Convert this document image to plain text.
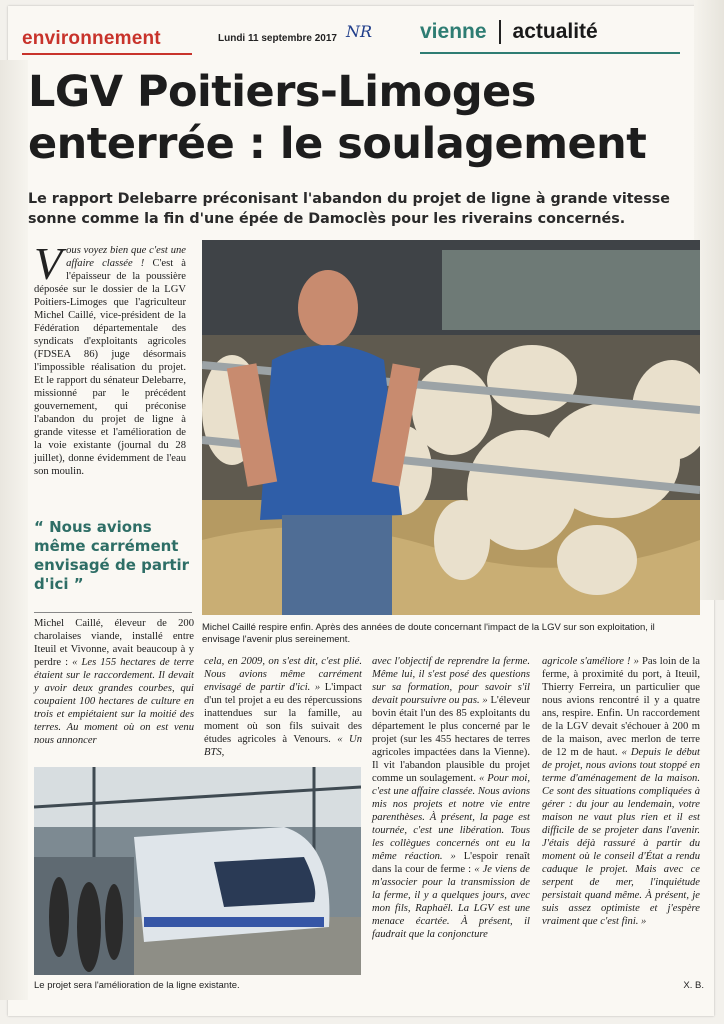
environnement	Lundi 11 septembre 2017 NR vienne actualité
LGV Poitiers-Limoges
enterrée : le soulagement
Le rapport Delebarre préconisant l'abandon du projet de ligne à grande vitesse sonne comme la fin d'une épée de Damoclès pour les riverains concernés.
Michel Caillé respire enfin. Après des années de doute concernant l'impact de la LGV sur son exploitation, il envisage l'avenir plus sereinement.
Vous voyez bien que c'est une affaire classée ! C'est à l'épaisseur de la poussière déposée sur le dossier de la LGV Poitiers-Limoges que l'agriculteur Michel Caillé, vice-président de la Fédération départementale des syndicats d'exploitants agricoles (FDSEA 86) juge désormais l'impossible réalisation du projet. Et le rapport du sénateur Delebarre, missionné par le précédent gouvernement, qui préconise l'abandon du projet de ligne à grande vitesse et l'amélioration de la voie existante (journal du 28 juillet), donne évidemment de l'eau son moulin.
“ Nous avions même carrément envisagé de partir d'ici ”
Michel Caillé, éleveur de 200 charolaises viande, installé entre Iteuil et Vivonne, avait beaucoup à y perdre : « Les 155 hectares de terre étaient sur le raccordement. Il devait y avoir deux grandes courbes, qui coupaient 100 hectares de culture en trois et empiétaient sur la moitié des terres. Au moment où on est venu nous annoncer
cela, en 2009, on s'est dit, c'est plié. Nous avions même carrément envisagé de partir d'ici. » L'impact d'un tel projet a eu des répercussions inattendues sur la famille, au moment où son fils suivait des études agricoles à Venours. « Un BTS,
avec l'objectif de reprendre la ferme. Même lui, il s'est posé des questions sur sa formation, pour savoir s'il devait poursuivre ou pas. » L'éleveur bovin était l'un des 85 exploitants du département le plus concerné par le projet (sur les 455 hectares de terres agricoles impactées dans la Vienne). Il vit l'abandon plausible du projet comme un soulagement. « Pour moi, c'est une affaire classée. Nous avions mis nos projets et notre vie entre parenthèses. À présent, la page est tournée, c'est une libération. Tous les collègues concernés ont eu la même réaction. » L'espoir renaît dans la cour de ferme : « Je viens de m'associer pour la transmission de la ferme, il y a quelques jours, avec mon fils, Raphaël. La LGV est une menace écartée. À présent, il faudrait que la conjoncture
agricole s'améliore ! » Pas loin de la ferme, à proximité du port, à Iteuil, Thierry Ferreira, un particulier que nous avions rencontré il y a quatre ans, respire. Enfin. Un raccordement de la LGV devait s'échouer à 200 m de la maison, avec merlon de terre de 12 m de haut. « Depuis le début de projet, nous avions tout stoppé en terme d'aménagement de la maison. Ce sont des situations compliquées à gérer : du jour au lendemain, votre maison ne vaut plus rien et il est difficile de se projeter dans l'avenir. J'étais déjà rassuré à partir du moment où le conseil d'État a rendu caduque le projet. Mais avec ce serpent de mer, l'inquiétude persistait quand même. À présent, je suis assez optimiste et j'espère vraiment que c'est fini. »
Le projet sera l'amélioration de la ligne existante.	X. B.
